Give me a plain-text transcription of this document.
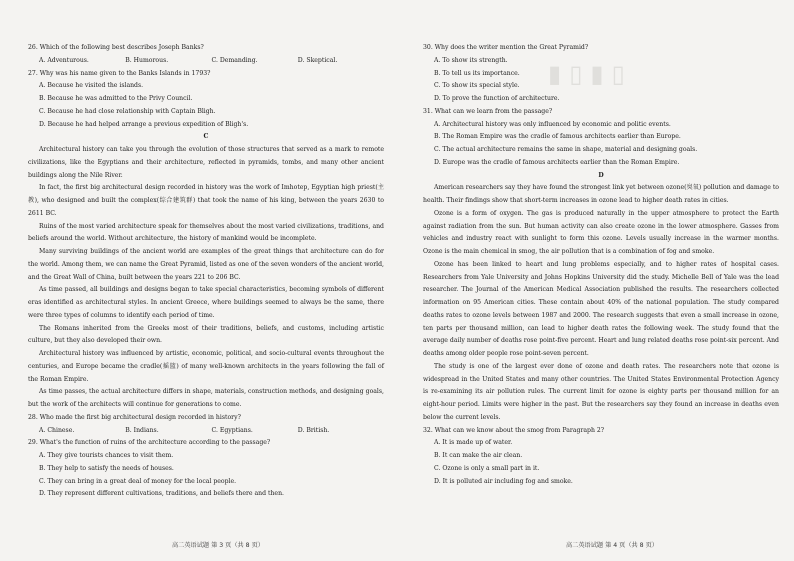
▮▯▮▯

26. Which of the following best describes Joseph Banks?

A. Adventurous.	B. Humorous.	C. Demanding.	D. Skeptical.

27. Why was his name given to the Banks Islands in 1793?

A. Because he visited the islands.

B. Because he was admitted to the Privy Council.

C. Because he had close relationship with Captain Bligh.

D. Because he had helped arrange a previous expedition of Bligh's.

C

Architectural history can take you through the evolution of those structures that served as a mark to remote civilizations, like the Egyptians and their architecture, reflected in pyramids, tombs, and many other ancient buildings along the Nile River.

In fact, the first big architectural design recorded in history was the work of Imhotep, Egyptian high priest(主教), who designed and built the complex(综合建筑群) that took the name of his king, between the years 2630 to 2611 BC.

Ruins of the most varied architecture speak for themselves about the most varied civilizations, traditions, and beliefs around the world. Without architecture, the history of mankind would be incomplete.

Many surviving buildings of the ancient world are examples of the great things that architecture can do for the world. Among them, we can name the Great Pyramid, listed as one of the seven wonders of the ancient world, and the Great Wall of China, built between the years 221 to 206 BC.

As time passed, all buildings and designs began to take special characteristics, becoming symbols of different eras identified as architectural styles. In ancient Greece, where buildings seemed to always be the same, there were three types of columns to identify each period of time.

The Romans inherited from the Greeks most of their traditions, beliefs, and customs, including artistic culture, but they also developed their own.

Architectural history was influenced by artistic, economic, political, and socio-cultural events throughout the centuries, and Europe became the cradle(摇篮) of many well-known architects in the years following the fall of the Roman Empire.

As time passes, the actual architecture differs in shape, materials, construction methods, and designing goals, but the work of the architects will continue for generations to come.

28. Who made the first big architectural design recorded in history?

A. Chinese.	B. Indians.	C. Egyptians.	D. British.

29. What's the function of ruins of the architecture according to the passage?

A. They give tourists chances to visit them.

B. They help to satisfy the needs of houses.

C. They can bring in a great deal of money for the local people.

D. They represent different cultivations, traditions, and beliefs there and then.

30. Why does the writer mention the Great Pyramid?

A. To show its strength.

B. To tell us its importance.

C. To show its special style.

D. To prove the function of architecture.

31. What can we learn from the passage?

A. Architectural history was only influenced by economic and politic events.

B. The Roman Empire was the cradle of famous architects earlier than Europe.

C. The actual architecture remains the same in shape, material and designing goals.

D. Europe was the cradle of famous architects earlier than the Roman Empire.

D

American researchers say they have found the strongest link yet between ozone(臭氧) pollution and damage to health. Their findings show that short-term increases in ozone lead to higher death rates in cities.

Ozone is a form of oxygen. The gas is produced naturally in the upper atmosphere to protect the Earth against radiation from the sun. But human activity can also create ozone in the lower atmosphere. Gasses from vehicles and industry react with sunlight to form this ozone. Levels usually increase in the warmer months. Ozone is the main chemical in smog, the air pollution that is a combination of fog and smoke.

Ozone has been linked to heart and lung problems especially, and to higher rates of hospital cases. Researchers from Yale University and Johns Hopkins University did the study. Michelle Bell of Yale was the lead researcher. The Journal of the American Medical Association published the results. The researchers collected information on 95 American cities. These contain about 40% of the national population. The study compared deaths rates to ozone levels between 1987 and 2000. The research suggests that even a small increase in ozone, ten parts per thousand million, can lead to higher death rates the following week. The study found that the average daily number of deaths rose point-five percent. Heart and lung related deaths rose point-six percent. And deaths among older people rose point-seven percent.

The study is one of the largest ever done of ozone and death rates. The researchers note that ozone is widespread in the United States and many other countries. The United States Environmental Protection Agency is re-examining its air pollution rules. The current limit for ozone is eighty parts per thousand million for an eight-hour period. Limits were higher in the past. But the researchers say they found an increase in deaths even below the current levels.

32. What can we know about the smog from Paragraph 2?

A. It is made up of water.

B. It can make the air clean.

C. Ozone is only a small part in it.

D. It is polluted air including fog and smoke.

高二英语试题 第 3 页（共 8 页）	高二英语试题 第 4 页（共 8 页）
